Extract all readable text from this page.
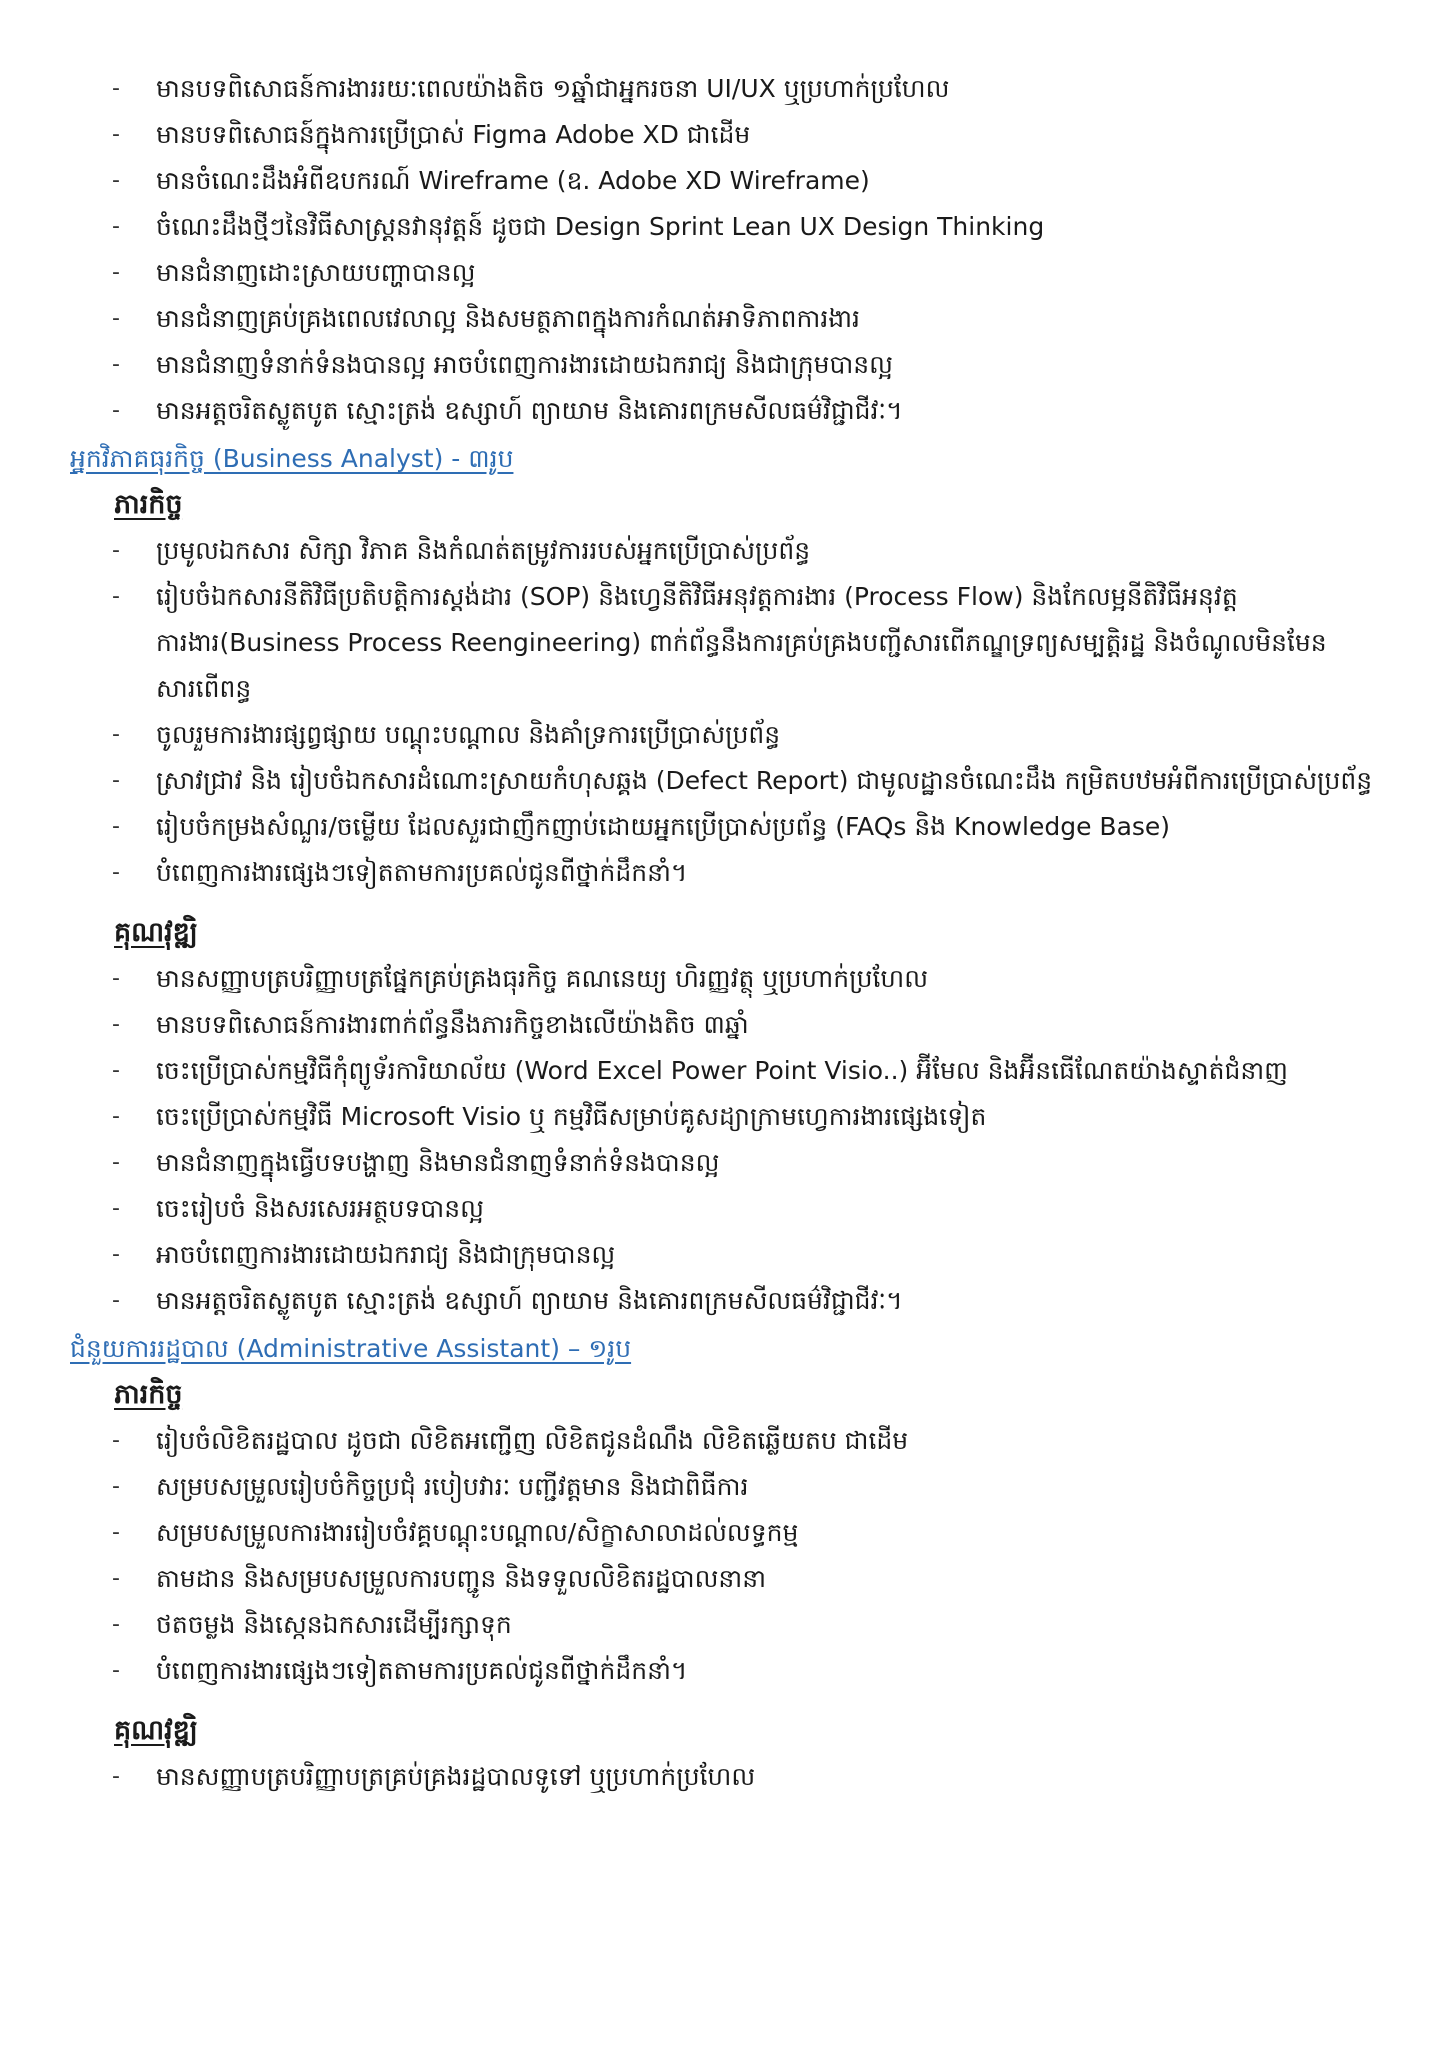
- មានបទពិសោធន៍ការងាររយៈពេលយ៉ាងតិច ១ឆ្នាំជាអ្នករចនា UI/UX ឬប្រហាក់ប្រហែល
- មានបទពិសោធន៍ក្នុងការប្រើប្រាស់ Figma Adobe XD ជាដើម
- មានចំណេះដឹងអំពីឧបករណ៍ Wireframe (ឧ. Adobe XD Wireframe)
- ចំណេះដឹងថ្មីៗនៃវិធីសាស្ត្រនវានុវត្តន៍ ដូចជា Design Sprint Lean UX Design Thinking
- មានជំនាញដោះស្រាយបញ្ហាបានល្អ
- មានជំនាញគ្រប់គ្រងពេលវេលាល្អ និងសមត្ថភាពក្នុងការកំណត់អាទិភាពការងារ
- មានជំនាញទំនាក់ទំនងបានល្អ អាចបំពេញការងារដោយឯករាជ្យ និងជាក្រុមបានល្អ
- មានអត្តចរិតស្លូតបូត ស្មោះត្រង់ ឧស្សាហ៍ ព្យាយាម និងគោរពក្រមសីលធម៌វិជ្ជាជីវៈ។
អ្នកវិភាគធុរកិច្ច (Business Analyst) - ៣រូប
ភារកិច្ច
- ប្រមូលឯកសារ សិក្សា វិភាគ និងកំណត់តម្រូវការរបស់អ្នកប្រើប្រាស់ប្រព័ន្ធ
- រៀបចំឯកសារនីតិវិធីប្រតិបត្តិការស្តង់ដារ (SOP) និងហ្វេនីតិវិធីអនុវត្តការងារ (Process Flow) និងកែលម្អនីតិវិធីអនុវត្តការងារ(Business Process Reengineering) ពាក់ព័ន្ធនឹងការគ្រប់គ្រងបញ្ជីសារពើភណ្ឌទ្រព្យសម្បត្តិរដ្ឋ និងចំណូលមិនមែនសារពើពន្ធ
- ចូលរួមការងារផ្សព្វផ្សាយ បណ្តុះបណ្តាល និងគាំទ្រការប្រើប្រាស់ប្រព័ន្ធ
- ស្រាវជ្រាវ និង រៀបចំឯកសារដំណោះស្រាយកំហុសឆ្គង (Defect Report) ជាមូលដ្ឋានចំណេះដឹង កម្រិតបឋមអំពីការប្រើប្រាស់ប្រព័ន្ធ
- រៀបចំកម្រងសំណួរ/ចម្លើយ ដែលសួរជាញឹកញាប់ដោយអ្នកប្រើប្រាស់ប្រព័ន្ធ (FAQs និង Knowledge Base)
- បំពេញការងារផ្សេងៗទៀតតាមការប្រគល់ជូនពីថ្នាក់ដឹកនាំ។
គុណវុឌ្ឍិ
- មានសញ្ញាបត្របរិញ្ញាបត្រផ្នែកគ្រប់គ្រងធុរកិច្ច គណនេយ្យ ហិរញ្ញវត្ថុ ឬប្រហាក់ប្រហែល
- មានបទពិសោធន៍ការងារពាក់ព័ន្ធនឹងភារកិច្ចខាងលើយ៉ាងតិច ៣ឆ្នាំ
- ចេះប្រើប្រាស់កម្មវិធីកុំព្យូទ័រការិយាល័យ (Word Excel Power Point Visio..) អ៊ីមែល និងអ៊ីនធើណែតយ៉ាងស្ទាត់ជំនាញ
- ចេះប្រើប្រាស់កម្មវិធី Microsoft Visio ឬ កម្មវិធីសម្រាប់គូសដ្យាក្រាមហ្វេការងារផ្សេងទៀត
- មានជំនាញក្នុងធ្វើបទបង្ហាញ និងមានជំនាញទំនាក់ទំនងបានល្អ
- ចេះរៀបចំ និងសរសេរអត្ថបទបានល្អ
- អាចបំពេញការងារដោយឯករាជ្យ និងជាក្រុមបានល្អ
- មានអត្តចរិតស្លូតបូត ស្មោះត្រង់ ឧស្សាហ៍ ព្យាយាម និងគោរពក្រមសីលធម៌វិជ្ជាជីវៈ។
ជំនួយការរដ្ឋបាល (Administrative Assistant) – ១រូប
ភារកិច្ច
- រៀបចំលិខិតរដ្ឋបាល ដូចជា លិខិតអញ្ជើញ លិខិតជូនដំណឹង លិខិតឆ្លើយតប ជាដើម
- សម្របសម្រួលរៀបចំកិច្ចប្រជុំ របៀបវារៈ បញ្ជីវត្តមាន និងជាពិធីការ
- សម្របសម្រួលការងាររៀបចំវគ្គបណ្តុះបណ្តាល/សិក្ខាសាលាដល់លទ្ធកម្ម
- តាមដាន និងសម្របសម្រួលការបញ្ជូន និងទទួលលិខិតរដ្ឋបាលនានា
- ថតចម្លង និងស្កេនឯកសារដើម្បីរក្សាទុក
- បំពេញការងារផ្សេងៗទៀតតាមការប្រគល់ជូនពីថ្នាក់ដឹកនាំ។
គុណវុឌ្ឍិ
- មានសញ្ញាបត្របរិញ្ញាបត្រគ្រប់គ្រងរដ្ឋបាលទូទៅ ឬប្រហាក់ប្រហែល
